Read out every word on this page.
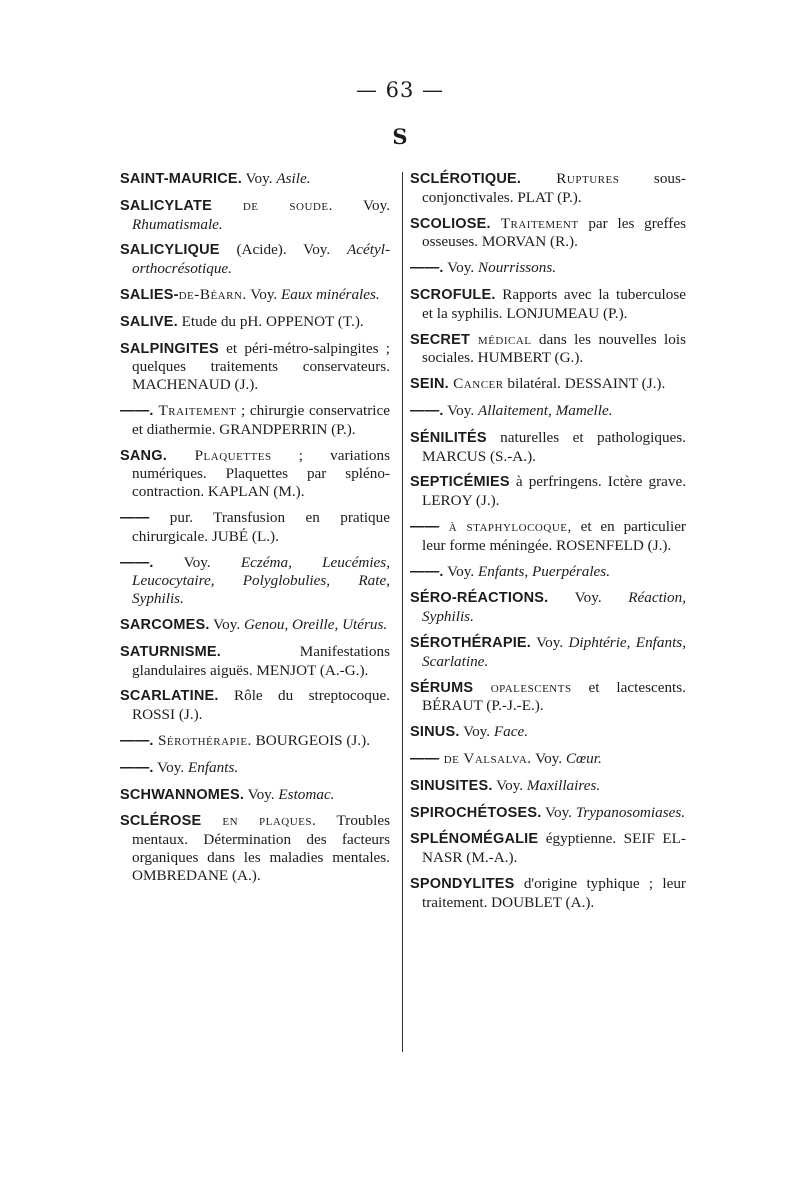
— 63 —
S

SAINT-MAURICE. Voy. Asile.

SALICYLATE de soude. Voy. Rhumatismale.

SALICYLIQUE (Acide). Voy. Acétyl-orthocrésotique.

SALIES-de-Béarn. Voy. Eaux minérales.

SALIVE. Etude du pH. OPPENOT (T.).

SALPINGITES et péri-métro-salpingites ; quelques traitements conservateurs. MACHENAUD (J.).

——. Traitement ; chirurgie conservatrice et diathermie. GRANDPERRIN (P.).

SANG. Plaquettes ; variations numériques. Plaquettes par spléno-contraction. KAPLAN (M.).

—— pur. Transfusion en pratique chirurgicale. JUBÉ (L.).

——. Voy. Eczéma, Leucémies, Leucocytaire, Polyglobulies, Rate, Syphilis.

SARCOMES. Voy. Genou, Oreille, Utérus.

SATURNISME. Manifestations glandulaires aiguës. MENJOT (A.-G.).

SCARLATINE. Rôle du streptocoque. ROSSI (J.).

——. Sérothérapie. BOURGEOIS (J.).

——. Voy. Enfants.

SCHWANNOMES. Voy. Estomac.

SCLÉROSE en plaques. Troubles mentaux. Détermination des facteurs organiques dans les maladies mentales. OMBREDANE (A.).

SCLÉROTIQUE. Ruptures sous-conjonctivales. PLAT (P.).

SCOLIOSE. Traitement par les greffes osseuses. MORVAN (R.).

——. Voy. Nourrissons.

SCROFULE. Rapports avec la tuberculose et la syphilis. LONJUMEAU (P.).

SECRET médical dans les nouvelles lois sociales. HUMBERT (G.).

SEIN. Cancer bilatéral. DESSAINT (J.).

——. Voy. Allaitement, Mamelle.

SÉNILITÉS naturelles et pathologiques. MARCUS (S.-A.).

SEPTICÉMIES à perfringens. Ictère grave. LEROY (J.).

—— à staphylocoque, et en particulier leur forme méningée. ROSENFELD (J.).

——. Voy. Enfants, Puerpérales.

SÉRO-RÉACTIONS. Voy. Réaction, Syphilis.

SÉROTHÉRAPIE. Voy. Diphtérie, Enfants, Scarlatine.

SÉRUMS opalescents et lactescents. BÉRAUT (P.-J.-E.).

SINUS. Voy. Face.

—— de Valsalva. Voy. Cœur.

SINUSITES. Voy. Maxillaires.

SPIROCHÉTOSES. Voy. Trypanosomiases.

SPLÉNOMÉGALIE égyptienne. SEIF EL-NASR (M.-A.).

SPONDYLITES d'origine typhique ; leur traitement. DOUBLET (A.).
